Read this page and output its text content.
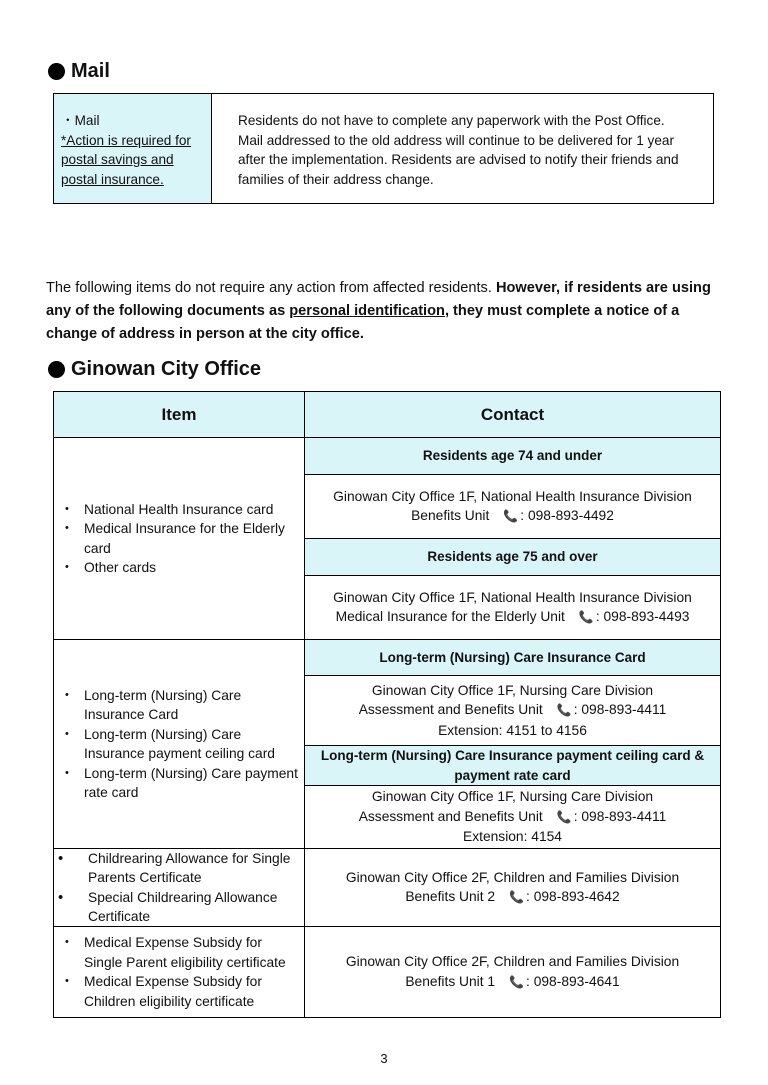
Mail
・Mail
*Action is required for
postal savings and
postal insurance.
Residents do not have to complete any paperwork with the Post Office.
Mail addressed to the old address will continue to be delivered for 1 year
after the implementation. Residents are advised to notify their friends and
families of their address change.
The following items do not require any action from affected residents. However, if residents are using any of the following documents as personal identification, they must complete a notice of a change of address in person at the city office.
Ginowan City Office
Item	Contact
• National Health Insurance card
• Medical Insurance for the Elderly card
• Other cards
Residents age 74 and under
Ginowan City Office 1F, National Health Insurance Division
Benefits Unit 📞 : 098-893-4492
Residents age 75 and over
Ginowan City Office 1F, National Health Insurance Division
Medical Insurance for the Elderly Unit 📞 : 098-893-4493
• Long-term (Nursing) Care Insurance Card
• Long-term (Nursing) Care Insurance payment ceiling card
• Long-term (Nursing) Care payment rate card
Long-term (Nursing) Care Insurance Card
Ginowan City Office 1F, Nursing Care Division
Assessment and Benefits Unit 📞 : 098-893-4411
Extension: 4151 to 4156
Long-term (Nursing) Care Insurance payment ceiling card & payment rate card
Ginowan City Office 1F, Nursing Care Division
Assessment and Benefits Unit 📞 : 098-893-4411
Extension: 4154
• Childrearing Allowance for Single Parents Certificate
• Special Childrearing Allowance Certificate
Ginowan City Office 2F, Children and Families Division
Benefits Unit 2 📞 : 098-893-4642
• Medical Expense Subsidy for Single Parent eligibility certificate
• Medical Expense Subsidy for Children eligibility certificate
Ginowan City Office 2F, Children and Families Division
Benefits Unit 1 📞 : 098-893-4641
3
